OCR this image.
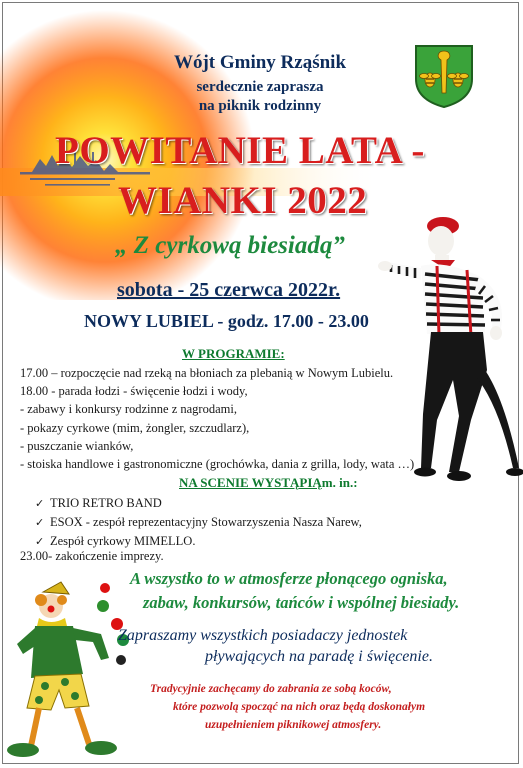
Wójt Gminy Rząśnik
serdecznie zaprasza
na piknik rodzinny
POWITANIE LATA -
WIANKI 2022
„ Z cyrkową biesiadą”
sobota - 25 czerwca 2022r.
NOWY LUBIEL - godz. 17.00 - 23.00
W PROGRAMIE:
17.00 – rozpoczęcie nad rzeką na błoniach za plebanią w Nowym Lubielu.
18.00 - parada łodzi - święcenie łodzi i wody,
- zabawy i konkursy rodzinne z nagrodami,
- pokazy cyrkowe (mim, żongler, szczudlarz),
- puszczanie wianków,
- stoiska handlowe i gastronomiczne (grochówka, dania z grilla, lody, wata …)
NA SCENIE WYSTĄPIĄm. in.:
✓ TRIO RETRO BAND
✓ ESOX - zespół reprezentacyjny Stowarzyszenia Nasza Narew,
✓ Zespół cyrkowy MIMELLO.
23.00- zakończenie imprezy.
A wszystko to w atmosferze płonącego ogniska,
zabaw, konkursów, tańców i wspólnej biesiady.
Zapraszamy wszystkich posiadaczy jednostek
pływających na paradę i święcenie.
Tradycyjnie zachęcamy do zabrania ze sobą koców,
które pozwolą spocząć na nich oraz będą doskonałym
uzupełnieniem piknikowej atmosfery.
